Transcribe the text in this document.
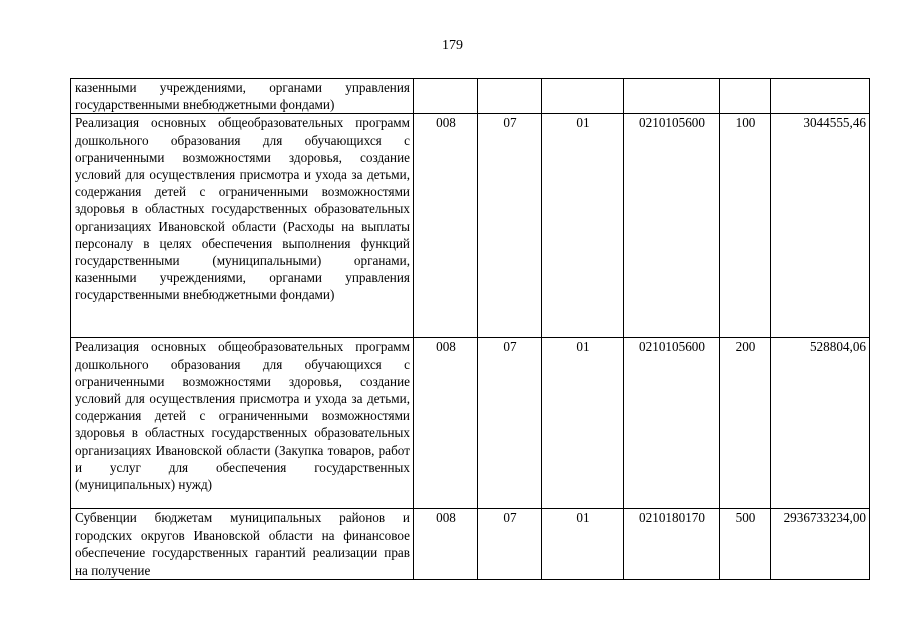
179
казенными учреждениями, органами управления государственными внебюджетными фондами)						
Реализация основных общеобразовательных программ дошкольного образования для обучающихся с ограниченными возможностями здоровья, создание условий для осуществления присмотра и ухода за детьми, содержания детей с ограниченными возможностями здоровья в областных государственных образовательных организациях Ивановской области (Расходы на выплаты персоналу в целях обеспечения выполнения функций государственными (муниципальными) органами, казенными учреждениями, органами управления государственными внебюджетными фондами)	008	07	01	0210105600	100	3044555,46
Реализация основных общеобразовательных программ дошкольного образования для обучающихся с ограниченными возможностями здоровья, создание условий для осуществления присмотра и ухода за детьми, содержания детей с ограниченными возможностями здоровья в областных государственных образовательных организациях Ивановской области (Закупка товаров, работ и услуг для обеспечения государственных (муниципальных) нужд)	008	07	01	0210105600	200	528804,06
Субвенции бюджетам муниципальных районов и городских округов Ивановской области на финансовое обеспечение государственных гарантий реализации прав на получение	008	07	01	0210180170	500	2936733234,00
